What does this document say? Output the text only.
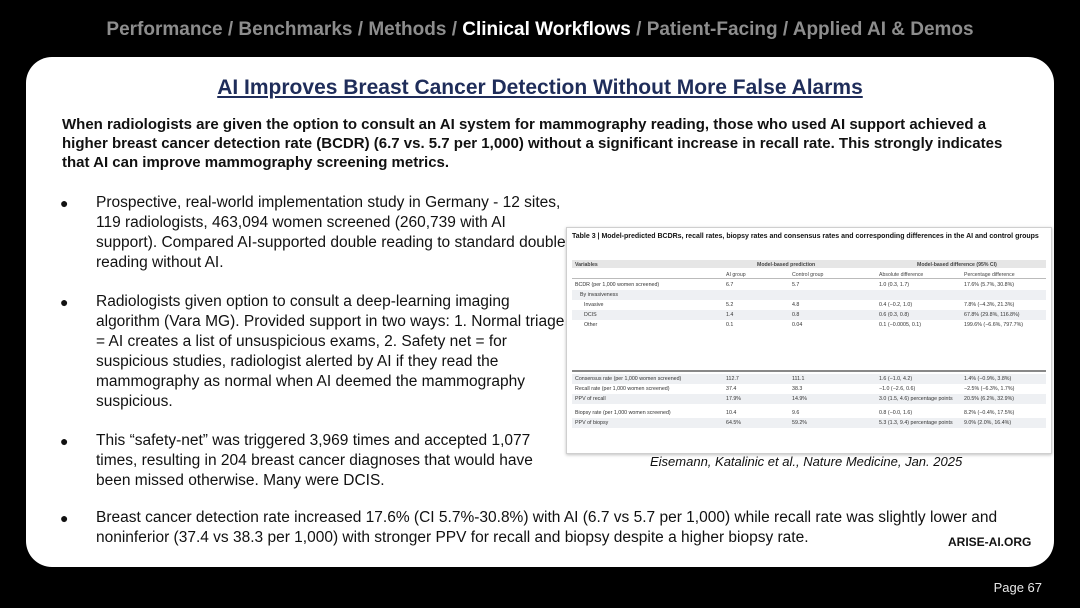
Performance / Benchmarks / Methods / Clinical Workflows / Patient-Facing / Applied AI & Demos
AI Improves Breast Cancer Detection Without More False Alarms
When radiologists are given the option to consult an AI system for mammography reading, those who used AI support achieved a higher breast cancer detection rate (BCDR) (6.7 vs. 5.7 per 1,000) without a significant increase in recall rate. This strongly indicates that AI can improve mammography screening metrics.
● Prospective, real-world implementation study in Germany - 12 sites, 119 radiologists, 463,094 women screened (260,739 with AI support). Compared AI-supported double reading to standard double reading without AI.
● Radiologists given option to consult a deep-learning imaging algorithm (Vara MG). Provided support in two ways: 1. Normal triage = AI creates a list of unsuspicious exams, 2. Safety net = for suspicious studies, radiologist alerted by AI if they read the mammography as normal when AI deemed the mammography suspicious.
● This “safety-net” was triggered 3,969 times and accepted 1,077 times, resulting in 204 breast cancer diagnoses that would have been missed otherwise. Many were DCIS.
● Breast cancer detection rate increased 17.6% (CI 5.7%-30.8%) with AI (6.7 vs 5.7 per 1,000) while recall rate was slightly lower and noninferior (37.4 vs 38.3 per 1,000) with stronger PPV for recall and biopsy despite a higher biopsy rate.
Table 3 | Model-predicted BCDRs, recall rates, biopsy rates and consensus rates and corresponding differences in the AI and control groups
Variables	Model-based prediction	Model-based difference (95% CI)
AI group	Control group	Absolute difference	Percentage difference
BCDR (per 1,000 women screened)	6.7	5.7	1.0 (0.3, 1.7)	17.6% (5.7%, 30.8%)
By invasiveness
Invasive	5.2	4.8	0.4 (−0.2, 1.0)	7.8% (−4.3%, 21.3%)
DCIS	1.4	0.8	0.6 (0.3, 0.8)	67.8% (29.8%, 116.8%)
Other	0.1	0.04	0.1 (−0.0005, 0.1)	199.6% (−6.6%, 797.7%)
Consensus rate (per 1,000 women screened)	112.7	111.1	1.6 (−1.0, 4.2)	1.4% (−0.9%, 3.8%)
Recall rate (per 1,000 women screened)	37.4	38.3	−1.0 (−2.6, 0.6)	−2.5% (−6.3%, 1.7%)
PPV of recall	17.9%	14.9%	3.0 (1.5, 4.6) percentage points 20.5% (6.2%, 32.9%)
Biopsy rate (per 1,000 women screened)	10.4	9.6	0.8 (−0.0, 1.6)	8.2% (−0.4%, 17.5%)
PPV of biopsy	64.5%	59.2%	5.3 (1.3, 9.4) percentage points 9.0% (2.0%, 16.4%)
Eisemann, Katalinic et al., Nature Medicine, Jan. 2025
ARISE-AI.ORG
Page 67
